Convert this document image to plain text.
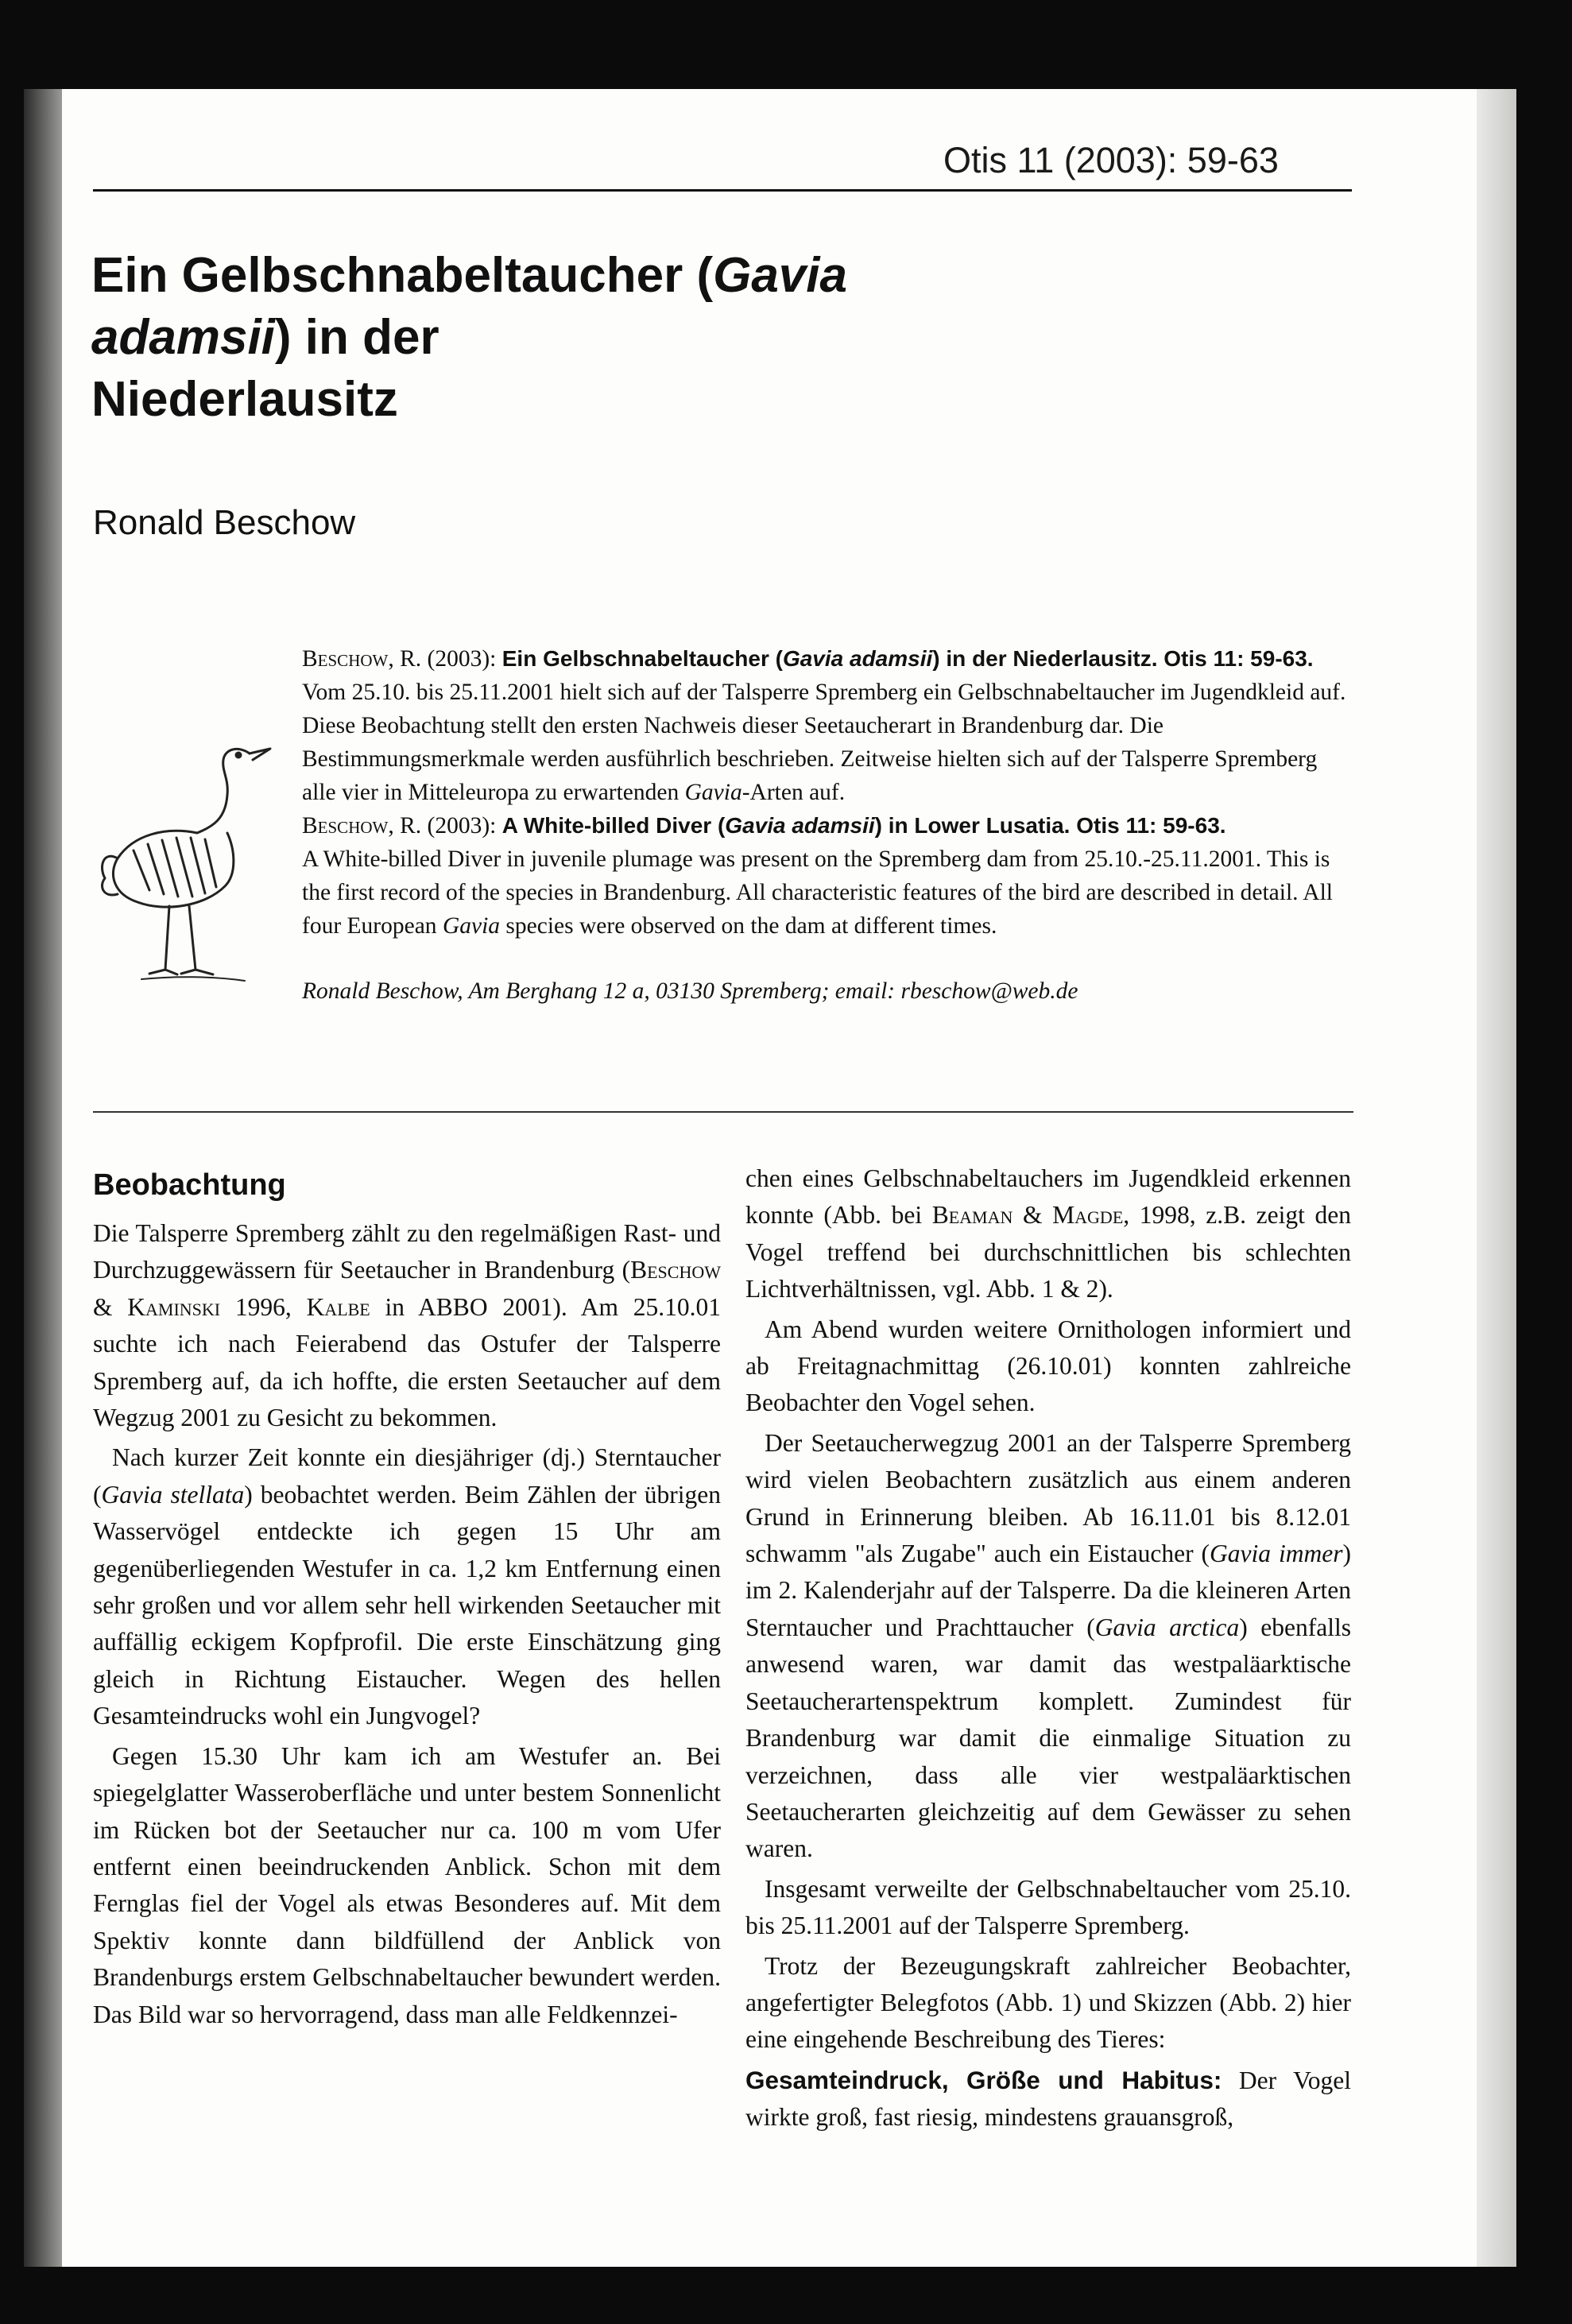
Otis 11 (2003): 59-63
Ein Gelbschnabeltaucher (Gavia adamsii) in der
Niederlausitz
Ronald Beschow

Beschow, R. (2003): Ein Gelbschnabeltaucher (Gavia adamsii) in der Niederlausitz. Otis 11: 59-63.
Vom 25.10. bis 25.11.2001 hielt sich auf der Talsperre Spremberg ein Gelbschnabeltaucher im Jugendkleid auf. Diese Beobachtung stellt den ersten Nachweis dieser Seetaucherart in Brandenburg dar. Die Bestimmungsmerkmale werden ausführlich beschrieben. Zeitweise hielten sich auf der Talsperre Spremberg alle vier in Mitteleuropa zu erwartenden Gavia-Arten auf.

Beschow, R. (2003): A White-billed Diver (Gavia adamsii) in Lower Lusatia. Otis 11: 59-63.
A White-billed Diver in juvenile plumage was present on the Spremberg dam from 25.10.-25.11.2001. This is the first record of the species in Brandenburg. All characteristic features of the bird are described in detail. All four European Gavia species were observed on the dam at different times.

Ronald Beschow, Am Berghang 12 a, 03130 Spremberg; email: rbeschow@web.de

Beobachtung

Die Talsperre Spremberg zählt zu den regelmäßigen Rast- und Durchzuggewässern für Seetaucher in Brandenburg (Beschow & Kaminski 1996, Kalbe in ABBO 2001). Am 25.10.01 suchte ich nach Feierabend das Ostufer der Talsperre Spremberg auf, da ich hoffte, die ersten Seetaucher auf dem Wegzug 2001 zu Gesicht zu bekommen.

Nach kurzer Zeit konnte ein diesjähriger (dj.) Sterntaucher (Gavia stellata) beobachtet werden. Beim Zählen der übrigen Wasservögel entdeckte ich gegen 15 Uhr am gegenüberliegenden Westufer in ca. 1,2 km Entfernung einen sehr großen und vor allem sehr hell wirkenden Seetaucher mit auffällig eckigem Kopfprofil. Die erste Einschätzung ging gleich in Richtung Eistaucher. Wegen des hellen Gesamteindrucks wohl ein Jungvogel?

Gegen 15.30 Uhr kam ich am Westufer an. Bei spiegelglatter Wasseroberfläche und unter bestem Sonnenlicht im Rücken bot der Seetaucher nur ca. 100 m vom Ufer entfernt einen beeindruckenden Anblick. Schon mit dem Fernglas fiel der Vogel als etwas Besonderes auf. Mit dem Spektiv konnte dann bildfüllend der Anblick von Brandenburgs erstem Gelbschnabeltaucher bewundert werden. Das Bild war so hervorragend, dass man alle Feldkennzei-

chen eines Gelbschnabeltauchers im Jugendkleid erkennen konnte (Abb. bei Beaman & Magde, 1998, z.B. zeigt den Vogel treffend bei durchschnittlichen bis schlechten Lichtverhältnissen, vgl. Abb. 1 & 2).

Am Abend wurden weitere Ornithologen informiert und ab Freitagnachmittag (26.10.01) konnten zahlreiche Beobachter den Vogel sehen.

Der Seetaucherwegzug 2001 an der Talsperre Spremberg wird vielen Beobachtern zusätzlich aus einem anderen Grund in Erinnerung bleiben. Ab 16.11.01 bis 8.12.01 schwamm "als Zugabe" auch ein Eistaucher (Gavia immer) im 2. Kalenderjahr auf der Talsperre. Da die kleineren Arten Sterntaucher und Prachttaucher (Gavia arctica) ebenfalls anwesend waren, war damit das westpaläarktische Seetaucherartenspektrum komplett. Zumindest für Brandenburg war damit die einmalige Situation zu verzeichnen, dass alle vier westpaläarktischen Seetaucherarten gleichzeitig auf dem Gewässer zu sehen waren.

Insgesamt verweilte der Gelbschnabeltaucher vom 25.10. bis 25.11.2001 auf der Talsperre Spremberg.

Trotz der Bezeugungskraft zahlreicher Beobachter, angefertigter Belegfotos (Abb. 1) und Skizzen (Abb. 2) hier eine eingehende Beschreibung des Tieres:

Gesamteindruck, Größe und Habitus: Der Vogel wirkte groß, fast riesig, mindestens grauansgroß,
